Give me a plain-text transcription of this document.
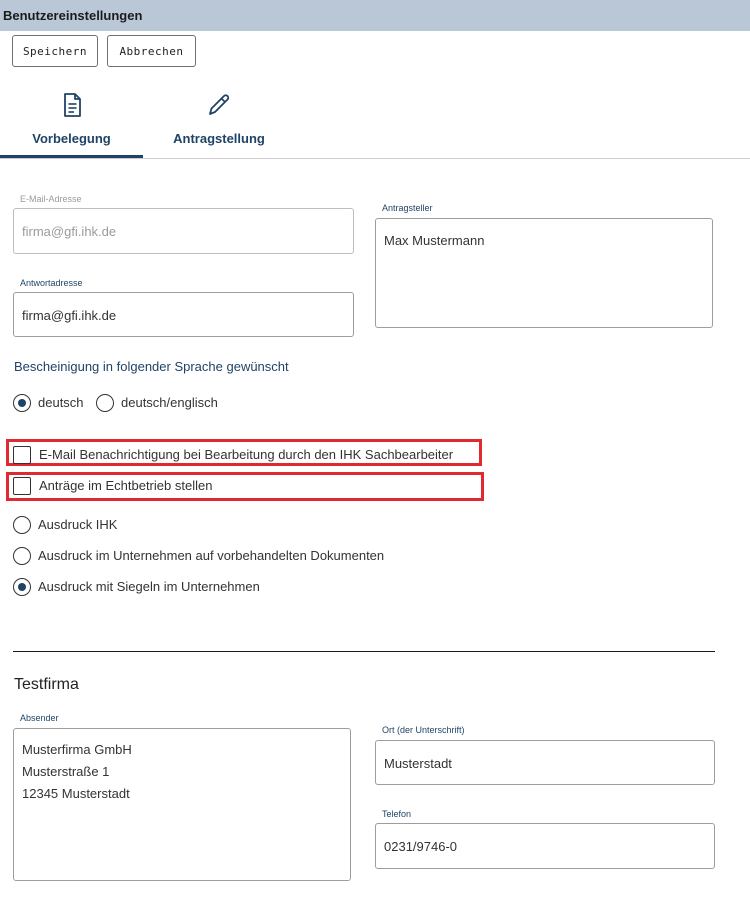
Benutzereinstellungen
Speichern	Abbrechen
Vorbelegung	Antragstellung
E-Mail-Adresse
firma@gfi.ihk.de
Antwortadresse
firma@gfi.ihk.de
Antragsteller
Max Mustermann
Bescheinigung in folgender Sprache gewünscht
deutsch	deutsch/englisch
E-Mail Benachrichtigung bei Bearbeitung durch den IHK Sachbearbeiter
Anträge im Echtbetrieb stellen
Ausdruck IHK
Ausdruck im Unternehmen auf vorbehandelten Dokumenten
Ausdruck mit Siegeln im Unternehmen
Testfirma
Absender
Musterfirma GmbH
Musterstraße 1
12345 Musterstadt
Ort (der Unterschrift)
Musterstadt
Telefon
0231/9746-0
